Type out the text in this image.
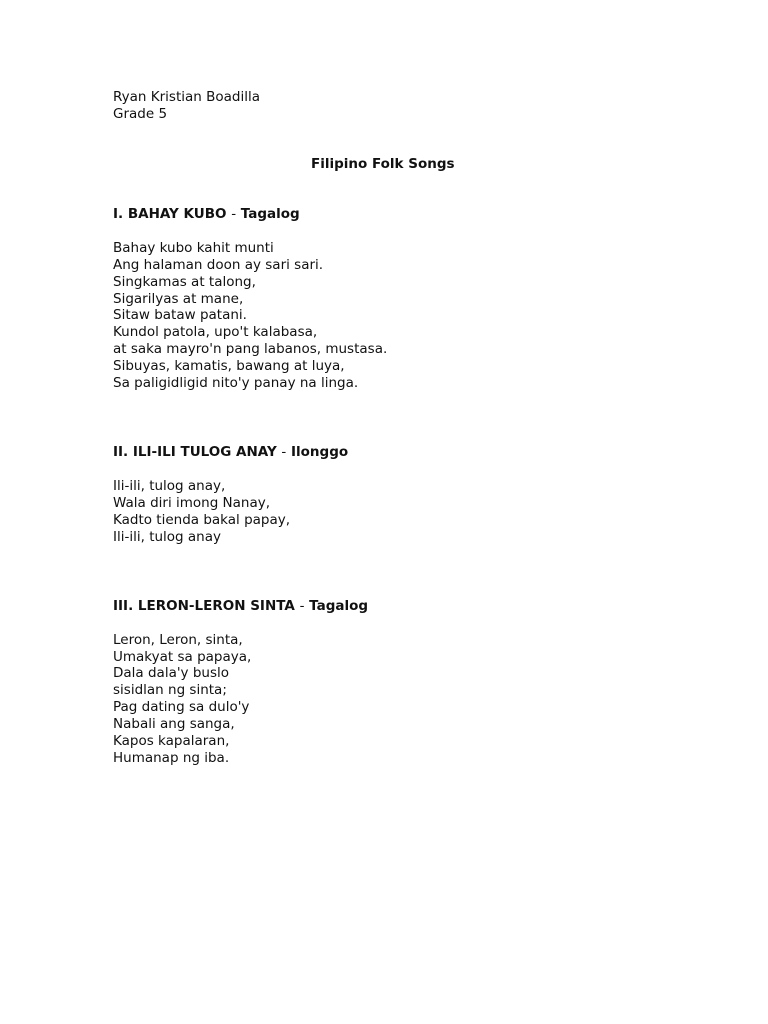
Ryan Kristian Boadilla
Grade 5
Filipino Folk Songs
I. BAHAY KUBO - Tagalog
Bahay kubo kahit munti
Ang halaman doon ay sari sari.
Singkamas at talong,
Sigarilyas at mane,
Sitaw bataw patani.
Kundol patola, upo't kalabasa,
at saka mayro'n pang labanos, mustasa.
Sibuyas, kamatis, bawang at luya,
Sa paligidligid nito'y panay na linga.
II. ILI-ILI TULOG ANAY - Ilonggo
Ili-ili, tulog anay,
Wala diri imong Nanay,
Kadto tienda bakal papay,
Ili-ili, tulog anay
III. LERON-LERON SINTA - Tagalog
Leron, Leron, sinta,
Umakyat sa papaya,
Dala dala'y buslo
sisidlan ng sinta;
Pag dating sa dulo'y
Nabali ang sanga,
Kapos kapalaran,
Humanap ng iba.
